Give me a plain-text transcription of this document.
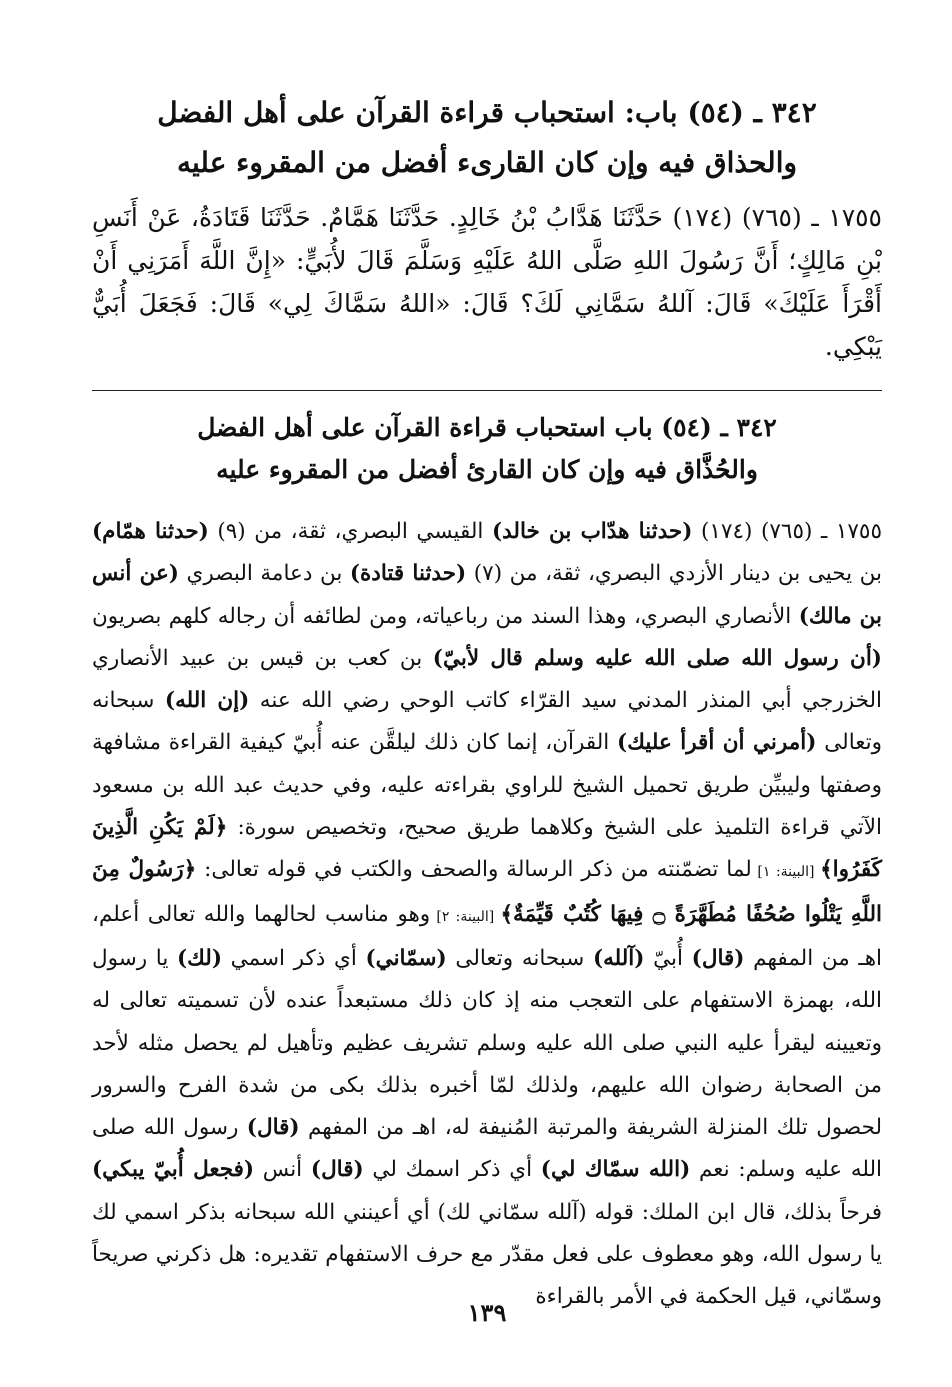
٣٤٢ ـ (٥٤) باب: استحباب قراءة القرآن على أهل الفضل
والحذاق فيه وإن كان القارىء أفضل من المقروء عليه

١٧٥٥ ـ (٧٦٥) (١٧٤) حَدَّثَنَا هَدَّابُ بْنُ خَالِدٍ. حَدَّثَنَا هَمَّامٌ. حَدَّثَنَا قَتَادَةُ، عَنْ أَنَسِ بْنِ مَالِكٍ؛ أَنَّ رَسُولَ اللهِ صَلَّى اللهُ عَلَيْهِ وَسَلَّمَ قَالَ لأُبَيٍّ: «إِنَّ اللَّهَ أَمَرَنِي أَنْ أَقْرَأَ عَلَيْكَ» قَالَ: آللهُ سَمَّانِي لَكَ؟ قَالَ: «اللهُ سَمَّاكَ لِي» قَالَ: فَجَعَلَ أُبَيٌّ يَبْكِي.

٣٤٢ ـ (٥٤) باب استحباب قراءة القرآن على أهل الفضل
والحُذَّاق فيه وإن كان القارئ أفضل من المقروء عليه

١٧٥٥ ـ (٧٦٥) (١٧٤) (حدثنا هدّاب بن خالد) القيسي البصري، ثقة، من (٩) (حدثنا همّام) بن يحيى بن دينار الأزدي البصري، ثقة، من (٧) (حدثنا قتادة) بن دعامة البصري (عن أنس بن مالك) الأنصاري البصري، وهذا السند من رباعياته، ومن لطائفه أن رجاله كلهم بصريون (أن رسول الله صلى الله عليه وسلم قال لأبيّ) بن كعب بن قيس بن عبيد الأنصاري الخزرجي أبي المنذر المدني سيد القرّاء كاتب الوحي رضي الله عنه (إن الله) سبحانه وتعالى (أمرني أن أقرأ عليك) القرآن، إنما كان ذلك ليلقَّن عنه أُبيّ كيفية القراءة مشافهة وصفتها وليبيِّن طريق تحميل الشيخ للراوي بقراءته عليه، وفي حديث عبد الله بن مسعود الآتي قراءة التلميذ على الشيخ وكلاهما طريق صحيح، وتخصيص سورة: ﴿لَمْ يَكُنِ الَّذِينَ كَفَرُوا﴾ [البينة: ١] لما تضمّنته من ذكر الرسالة والصحف والكتب في قوله تعالى: ﴿رَسُولٌ مِنَ اللَّهِ يَتْلُوا صُحُفًا مُطَهَّرَةً ۝ فِيهَا كُتُبٌ قَيِّمَةٌ﴾ [البينة: ٢] وهو مناسب لحالهما والله تعالى أعلم، اهـ من المفهم (قال) أُبيّ (آلله) سبحانه وتعالى (سمّاني) أي ذكر اسمي (لك) يا رسول الله، بهمزة الاستفهام على التعجب منه إذ كان ذلك مستبعداً عنده لأن تسميته تعالى له وتعيينه ليقرأ عليه النبي صلى الله عليه وسلم تشريف عظيم وتأهيل لم يحصل مثله لأحد من الصحابة رضوان الله عليهم، ولذلك لمّا أخبره بذلك بكى من شدة الفرح والسرور لحصول تلك المنزلة الشريفة والمرتبة المُنيفة له، اهـ من المفهم (قال) رسول الله صلى الله عليه وسلم: نعم (الله سمّاك لي) أي ذكر اسمك لي (قال) أنس (فجعل أُبيّ يبكي) فرحاً بذلك، قال ابن الملك: قوله (آلله سمّاني لك) أي أعينني الله سبحانه بذكر اسمي لك يا رسول الله، وهو معطوف على فعل مقدّر مع حرف الاستفهام تقديره: هل ذكرني صريحاً وسمّاني، قيل الحكمة في الأمر بالقراءة

١٣٩
